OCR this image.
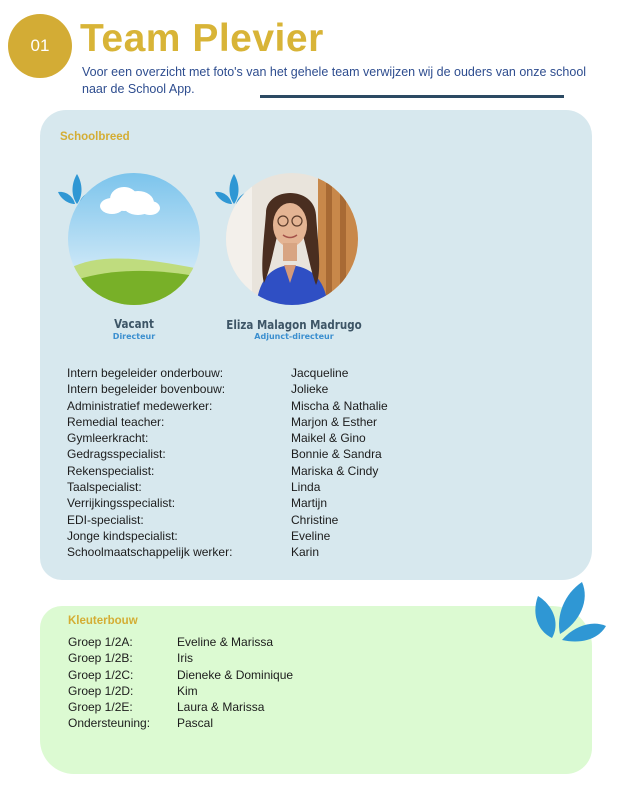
01 Team Plevier

Voor een overzicht met foto's van het gehele team verwijzen wij de ouders van onze school naar de School App.

Schoolbreed
Vacant
Directeur
Eliza Malagon Madrugo
Adjunct-directeur
Intern begeleider onderbouw:	Jacqueline
Intern begeleider bovenbouw:	Jolieke
Administratief medewerker:	Mischa & Nathalie
Remedial teacher:	Marjon & Esther
Gymleerkracht:	Maikel & Gino
Gedragsspecialist:	Bonnie & Sandra
Rekenspecialist:	Mariska & Cindy
Taalspecialist:	Linda
Verrijkingsspecialist:	Martijn
EDI-specialist:	Christine
Jonge kindspecialist:	Eveline
Schoolmaatschappelijk werker:	Karin
Kleuterbouw
Groep 1/2A:	Eveline & Marissa
Groep 1/2B:	Iris
Groep 1/2C:	Dieneke & Dominique
Groep 1/2D:	Kim
Groep 1/2E:	Laura & Marissa
Ondersteuning:	Pascal
